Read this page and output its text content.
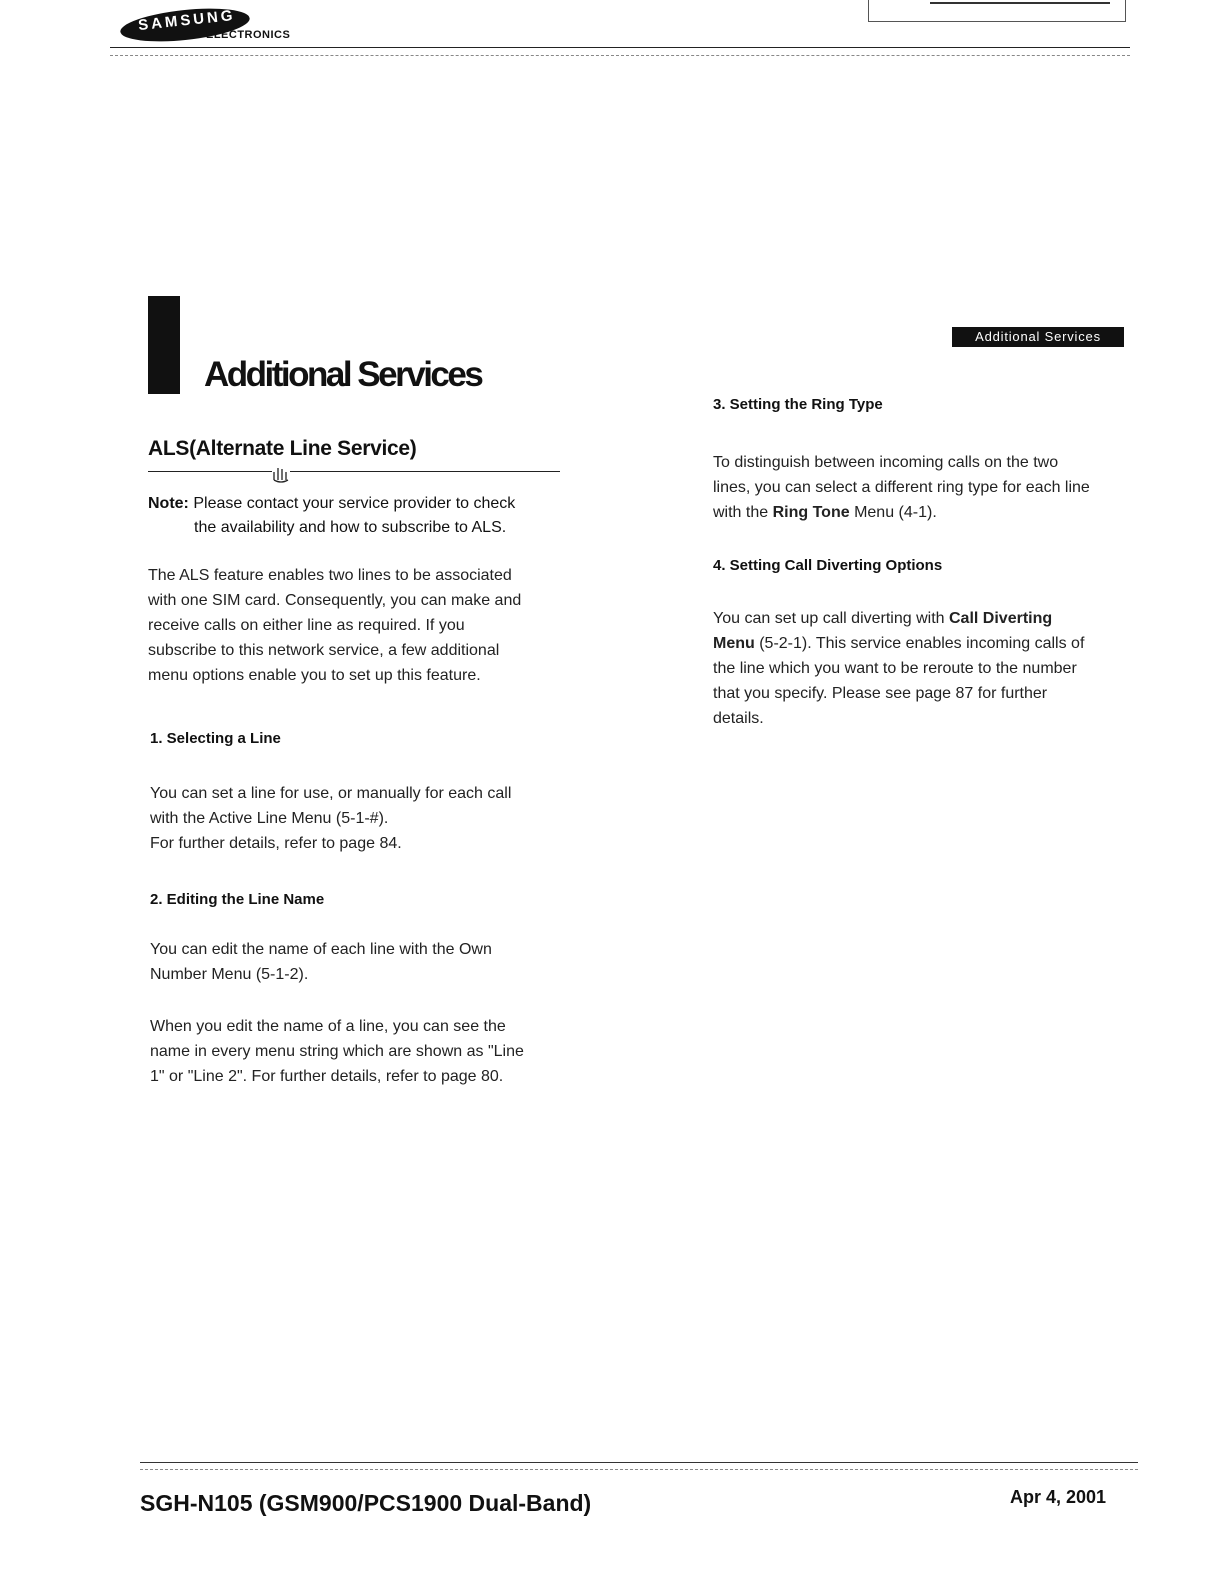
SAMSUNG
ELECTRONICS
Additional Services
Additional Services
ALS(Alternate Line Service)
Note: Please contact your service provider to check
the availability and how to subscribe to ALS.
The ALS feature enables two lines to be associated
with one SIM card. Consequently, you can make and
receive calls on either line as required. If you
subscribe to this network service, a few additional
menu options enable you to set up this feature.
1. Selecting a Line
You can set a line for use, or manually for each call
with the Active Line Menu (5-1-#).
For further details, refer to page 84.
2. Editing the Line Name
You can edit the name of each line with the Own
Number Menu (5-1-2).
When you edit the name of a line, you can see the
name in every menu string which are shown as "Line
1" or "Line 2". For further details, refer to page 80.
3. Setting the Ring Type
To distinguish between incoming calls on the two
lines, you can select a different ring type for each line
with the Ring Tone Menu (4-1).
4. Setting Call Diverting Options
You can set up call diverting with Call Diverting
Menu (5-2-1). This service enables incoming calls of
the line which you want to be reroute to the number
that you specify. Please see page 87 for further
details.
SGH-N105 (GSM900/PCS1900 Dual-Band)	Apr 4, 2001
